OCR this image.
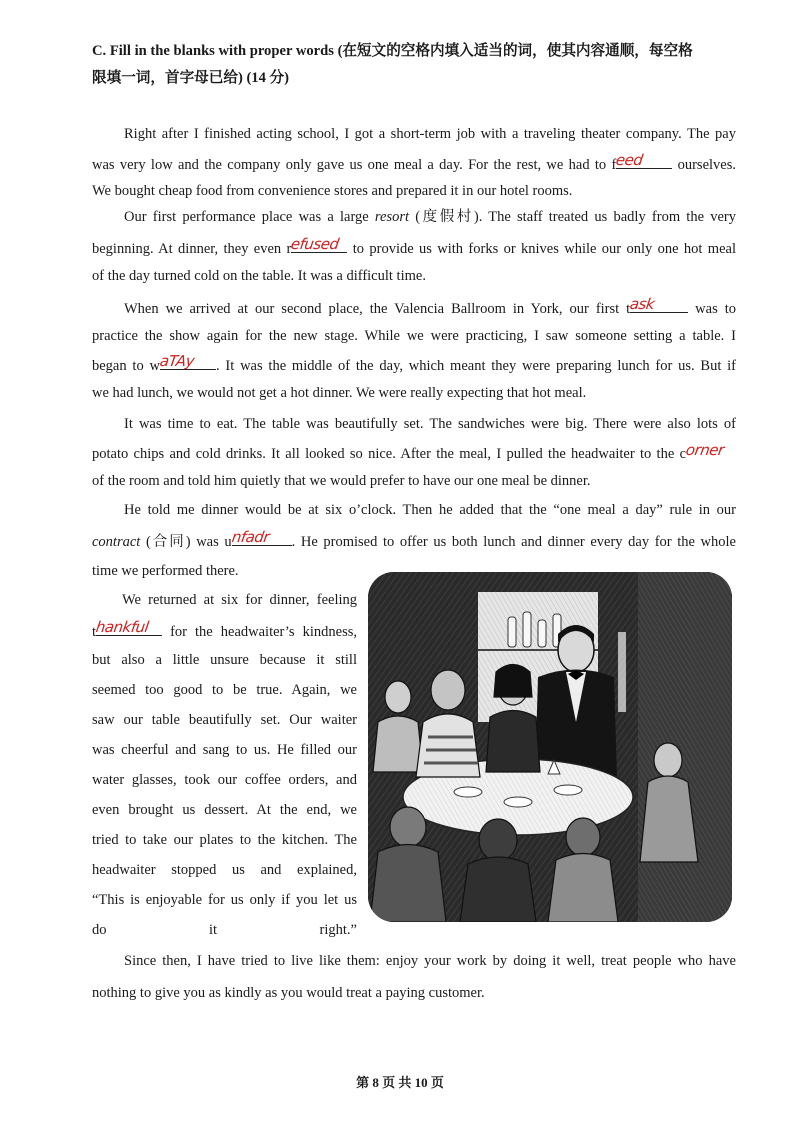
C. Fill in the blanks with proper words (在短文的空格内填入适当的词，使其内容通顺，每空格
限填一词，首字母已给) (14 分)
Right after I finished acting school, I got a short-term job with a traveling theater company. The pay
was very low and the company only gave us one meal a day. For the rest, we had to f
eed	ourselves.
We bought cheap food from convenience stores and prepared it in our hotel rooms.
Our first performance place was a large resort (度假村). The staff treated us badly from the very
beginning. At dinner, they even r
efused to provide us with forks or knives while our only one hot meal
of the day turned cold on the table. It was a difficult time.
When we arrived at our second place, the Valencia Ballroom in York, our first t
ask	was to
practice the show again for the new stage. While we were practicing, I saw someone setting a table. I
began to w
aTAy	. It was the middle of the day, which meant they were preparing lunch for us. But if
we had lunch, we would not get a hot dinner. We were really expecting that hot meal.
It was time to eat. The table was beautifully set. The sandwiches were big. There were also lots of
potato chips and cold drinks. It all looked so nice. After the meal, I pulled the headwaiter to the c
orner
of the room and told him quietly that we would prefer to have our one meal be dinner.
He told me dinner would be at six o’clock. Then he added that the “one meal a day” rule in our
contract (合同) was u
nfadr	. He promised to offer us both lunch and dinner every day for the whole
time we performed there.
We returned at six for dinner, feeling
t
hankful for the headwaiter’s kindness,
but also a little unsure because it still
seemed too good to be true. Again, we
saw our table beautifully set. Our waiter
was cheerful and sang to us. He filled our
water glasses, took our coffee orders, and
even brought us dessert. At the end, we
tried to take our plates to the kitchen. The
headwaiter stopped us and explained,
“This is enjoyable for us only if you let us
do it right.”
Since then, I have tried to live like them: enjoy your work by doing it well, treat people who have
nothing to give you as kindly as you would treat a paying customer.
第 8 页 共 10 页
